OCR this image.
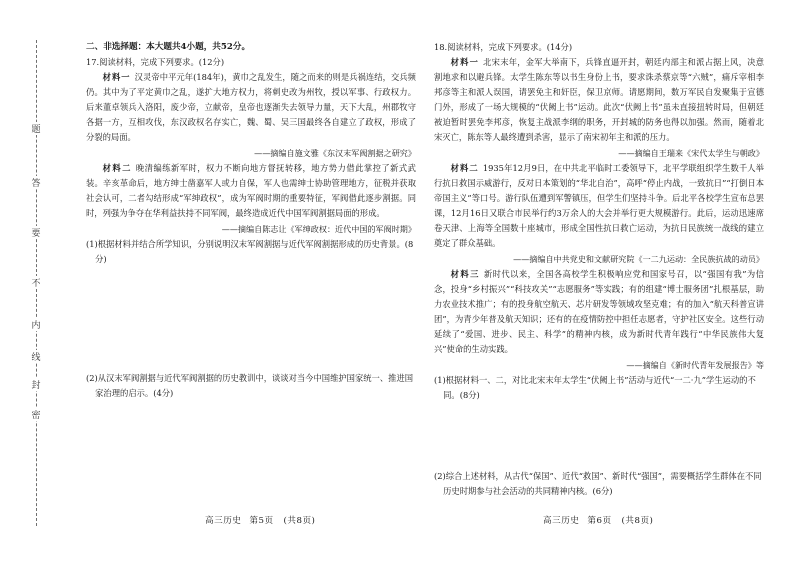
题
答
要
不
内
线
封
密

二、非选择题：本大题共4小题，共52分。

17.阅读材料，完成下列要求。(12分)

材料一 汉灵帝中平元年(184年)，黄巾之乱发生，随之而来的则是兵祸连结，交兵频仍。其中为了平定黄巾之乱，遂扩大地方权力，将刺史改为州牧，授以军事、行政权力。后来董卓领兵入洛阳，废少帝，立献帝，皇帝也逐渐失去领导力量，天下大乱，州郡牧守各据一方，互相攻伐，东汉政权名存实亡，魏、蜀、吴三国最终各自建立了政权，形成了分裂的局面。

——摘编自施文雅《东汉末军阀割据之研究》

材料二 晚清编练新军时，权力不断向地方督抚转移，地方势力借此掌控了新式武装。辛亥革命后，地方绅士凿嘉军人或力自保，军人也需绅士协助管理地方，征税并获取社会认可，二者勾结形成“军绅政权”，成为军阀时期的重要特征，军阀借此逐步割据。同时，列强为争夺在华利益扶持不同军阀，最终造成近代中国军阀割据局面的形成。

——摘编自陈志让《军绅政权：近代中国的军阀时期》

(1)根据材料并结合所学知识，分别说明汉末军阀割据与近代军阀割据形成的历史背景。(8分)

(2)从汉末军阀割据与近代军阀割据的历史教训中，谈谈对当今中国维护国家统一、推进国家治理的启示。(4分)

18.阅读材料，完成下列要求。(14分)

材料一 北宋末年，金军大举南下，兵锋直逼开封，朝廷内部主和派占据上风，决意割地求和以避兵锋。太学生陈东等以书生身份上书，要求诛杀蔡京等“六贼”，痛斥宰相李邦彦等主和派人误国，请罢免主和奸臣，保卫京师。请愿期间，数万军民自发聚集于宣德门外，形成了一场大规模的“伏阙上书”运动。此次“伏阙上书”虽未直接扭转时局，但朝廷被迫暂时罢免李邦彦，恢复主战派李纲的职务，开封城的防务也得以加强。然而，随着北宋灭亡，陈东等人最终遭到杀害，显示了南宋初年主和派的压力。

——摘编自王瑞来《宋代太学生与朝政》

材料二 1935年12月9日，在中共北平临时工委领导下，北平学联组织学生数千人举行抗日救国示威游行，反对日本策划的“华北自治”，高呼“停止内战，一致抗日”“打倒日本帝国主义”等口号。游行队伍遭到军警镇压，但学生们坚持斗争。后北平各校学生宣布总罢课，12月16日又联合市民举行约3万余人的大会并举行更大规模游行。此后，运动迅速席卷天津、上海等全国数十座城市，形成全国性抗日救亡运动，为抗日民族统一战线的建立奠定了群众基础。

——摘编自中共党史和文献研究院《一二九运动：全民族抗战的动员》

材料三 新时代以来，全国各高校学生积极响应党和国家号召，以“强国有我”为信念，投身“乡村振兴”“科技攻关”“志愿服务”等实践；有的组建“博士服务团”扎根基层，助力农业技术推广；有的投身航空航天、芯片研发等领域攻坚克难；有的加入“航天科普宣讲团”，为青少年普及航天知识；还有的在疫情防控中担任志愿者，守护社区安全。这些行动延续了“爱国、进步、民主、科学”的精神内核，成为新时代青年践行“中华民族伟大复兴”使命的生动实践。

——摘编自《新时代青年发展报告》等

(1)根据材料一、二，对比北宋末年太学生“伏阙上书”活动与近代“一二·九”学生运动的不同。(8分)

(2)综合上述材料，从古代“保国”、近代“救国”、新时代“强国”，需要概括学生群体在不同历史时期参与社会活动的共同精神内核。(6分)

高三历史 第5页 (共8页)	高三历史 第6页 (共8页)
